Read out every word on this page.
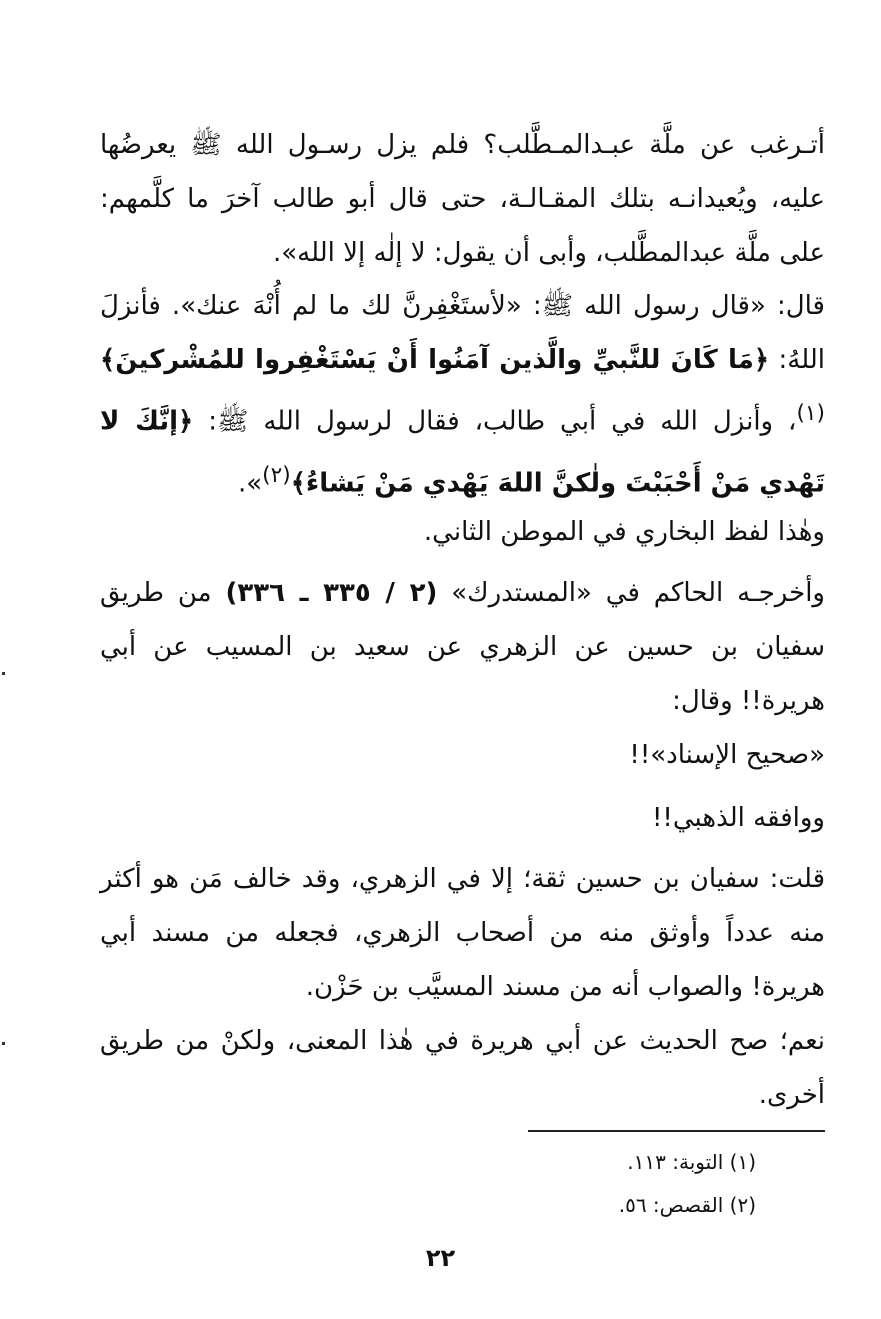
أتـرغب عن ملَّة عبـدالمـطَّلب؟ فلم يزل رسـول الله ﷺ يعرضُها عليه، ويُعيدانـه بتلك المقـالـة، حتى قال أبو طالب آخرَ ما كلَّمهم: على ملَّة عبدالمطَّلب، وأبى أن يقول: لا إلٰه إلا الله».
قال: «قال رسول الله ﷺ: «لأستَغْفِرنَّ لك ما لم أُنْهَ عنك». فأنزلَ اللهُ: ﴿مَا كَانَ للنَّبيِّ والَّذين آمَنُوا أَنْ يَسْتَغْفِروا للمُشْركينَ﴾$^{(١)}$، وأنزل الله في أبي طالب، فقال لرسول الله ﷺ: ﴿إنَّكَ لا تَهْدي مَنْ أَحْبَبْتَ ولٰكنَّ اللهَ يَهْدي مَنْ يَشاءُ﴾$^{(٢)}$».
وهٰذا لفظ البخاري في الموطن الثاني.
وأخرجـه الحاكم في «المستدرك» (٢ / ٣٣٥ ـ ٣٣٦) من طريق سفيان بن حسين عن الزهري عن سعيد بن المسيب عن أبي هريرة!! وقال:
«صحيح الإسناد»!!
ووافقه الذهبي!!
قلت: سفيان بن حسين ثقة؛ إلا في الزهري، وقد خالف مَن هو أكثر منه عدداً وأوثق منه من أصحاب الزهري، فجعله من مسند أبي هريرة! والصواب أنه من مسند المسيَّب بن حَزْن.
نعم؛ صح الحديث عن أبي هريرة في هٰذا المعنى، ولكنْ من طريق أخرى.
(١) التوبة: ١١٣.
(٢) القصص: ٥٦.
٢٢
